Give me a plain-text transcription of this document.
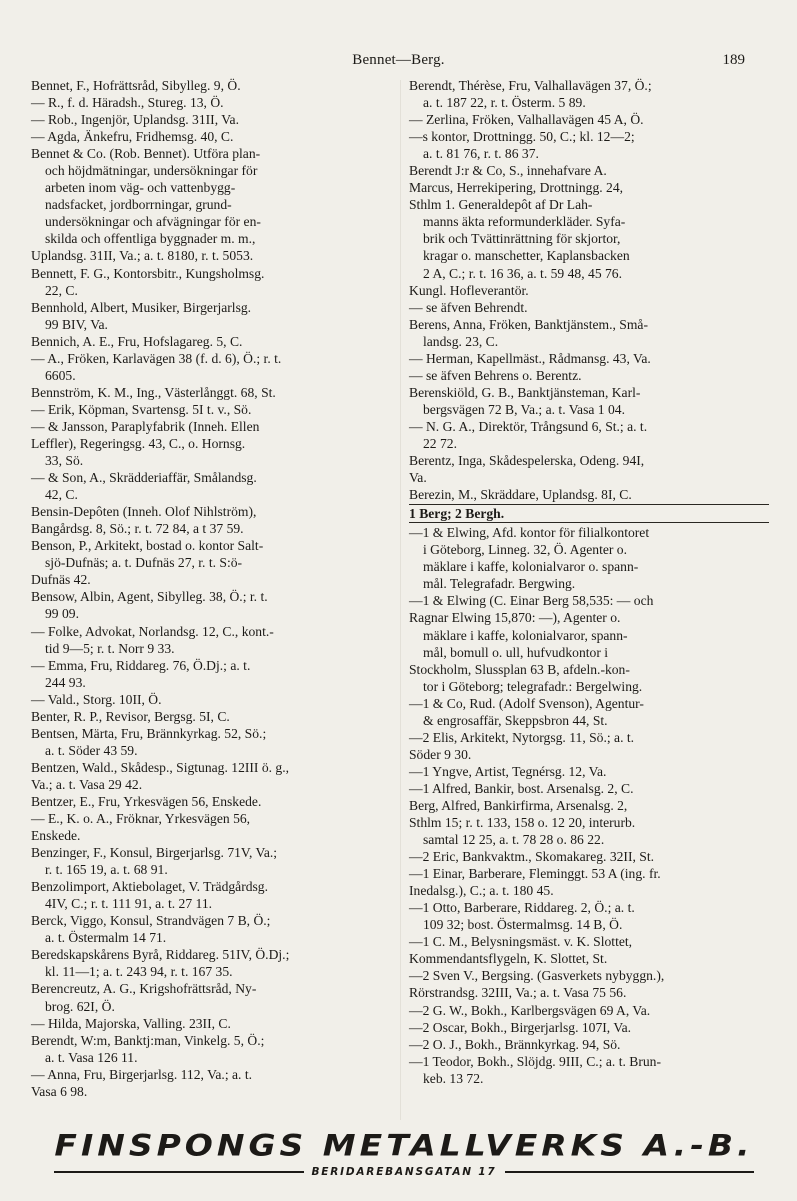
Bennet—Berg.	189
Bennet, F., Hofrättsråd, Sibylleg. 9, Ö.
— R., f. d. Häradsh., Stureg. 13, Ö.
— Rob., Ingenjör, Uplandsg. 31II, Va.
— Agda, Änkefru, Fridhemsg. 40, C.
Bennet & Co. (Rob. Bennet). Utföra plan-
och höjdmätningar, undersökningar för
arbeten inom väg- och vattenbygg-
nadsfacket, jordborrningar, grund-
undersökningar och afvägningar för en-
skilda och offentliga byggnader m. m.,
Uplandsg. 31II, Va.; a. t. 8180, r. t. 5053.
Bennett, F. G., Kontorsbitr., Kungsholmsg.
22, C.
Bennhold, Albert, Musiker, Birgerjarlsg.
99 BIV, Va.
Bennich, A. E., Fru, Hofslagareg. 5, C.
— A., Fröken, Karlavägen 38 (f. d. 6), Ö.; r. t.
6605.
Bennström, K. M., Ing., Västerlånggt. 68, St.
— Erik, Köpman, Svartensg. 5I t. v., Sö.
— & Jansson, Paraplyfabrik (Inneh. Ellen
Leffler), Regeringsg. 43, C., o. Hornsg.
33, Sö.
— & Son, A., Skrädderiaffär, Smålandsg.
42, C.
Bensin-Depôten (Inneh. Olof Nihlström),
Bangårdsg. 8, Sö.; r. t. 72 84, a t 37 59.
Benson, P., Arkitekt, bostad o. kontor Salt-
sjö-Dufnäs; a. t. Dufnäs 27, r. t. S:ö-
Dufnäs 42.
Bensow, Albin, Agent, Sibylleg. 38, Ö.; r. t.
99 09.
— Folke, Advokat, Norlandsg. 12, C., kont.-
tid 9—5; r. t. Norr 9 33.
— Emma, Fru, Riddareg. 76, Ö.Dj.; a. t.
244 93.
— Vald., Storg. 10II, Ö.
Benter, R. P., Revisor, Bergsg. 5I, C.
Bentsen, Märta, Fru, Brännkyrkag. 52, Sö.;
a. t. Söder 43 59.
Bentzen, Wald., Skådesp., Sigtunag. 12III ö. g.,
Va.; a. t. Vasa 29 42.
Bentzer, E., Fru, Yrkesvägen 56, Enskede.
— E., K. o. A., Fröknar, Yrkesvägen 56,
Enskede.
Benzinger, F., Konsul, Birgerjarlsg. 71V, Va.;
r. t. 165 19, a. t. 68 91.
Benzolimport, Aktiebolaget, V. Trädgårdsg.
4IV, C.; r. t. 111 91, a. t. 27 11.
Berck, Viggo, Konsul, Strandvägen 7 B, Ö.;
a. t. Östermalm 14 71.
Beredskapskårens Byrå, Riddareg. 51IV, Ö.Dj.;
kl. 11—1; a. t. 243 94, r. t. 167 35.
Berencreutz, A. G., Krigshofrättsråd, Ny-
brog. 62I, Ö.
— Hilda, Majorska, Valling. 23II, C.
Berendt, W:m, Banktj:man, Vinkelg. 5, Ö.;
a. t. Vasa 126 11.
— Anna, Fru, Birgerjarlsg. 112, Va.; a. t.
Vasa 6 98.
Berendt, Thérèse, Fru, Valhallavägen 37, Ö.;
a. t. 187 22, r. t. Österm. 5 89.
— Zerlina, Fröken, Valhallavägen 45 A, Ö.
—s kontor, Drottningg. 50, C.; kl. 12—2;
a. t. 81 76, r. t. 86 37.
Berendt J:r & Co, S., innehafvare A.
Marcus, Herrekipering, Drottningg. 24,
Sthlm 1. Generaldepôt af Dr Lah-
manns äkta reformunderkläder. Syfa-
brik och Tvättinrättning för skjortor,
kragar o. manschetter, Kaplansbacken
2 A, C.; r. t. 16 36, a. t. 59 48, 45 76.
Kungl. Hofleverantör.
— se äfven Behrendt.
Berens, Anna, Fröken, Banktjänstem., Små-
landsg. 23, C.
— Herman, Kapellmäst., Rådmansg. 43, Va.
— se äfven Behrens o. Berentz.
Berenskiöld, G. B., Banktjänsteman, Karl-
bergsvägen 72 B, Va.; a. t. Vasa 1 04.
— N. G. A., Direktör, Trångsund 6, St.; a. t.
22 72.
Berentz, Inga, Skådespelerska, Odeng. 94I,
Va.
Berezin, M., Skräddare, Uplandsg. 8I, C.
1 Berg; 2 Bergh.
—1 & Elwing, Afd. kontor för filialkontoret
i Göteborg, Linneg. 32, Ö. Agenter o.
mäklare i kaffe, kolonialvaror o. spann-
mål. Telegrafadr. Bergwing.
—1 & Elwing (C. Einar Berg 58,535: — och
Ragnar Elwing 15,870: —), Agenter o.
mäklare i kaffe, kolonialvaror, spann-
mål, bomull o. ull, hufvudkontor i
Stockholm, Slussplan 63 B, afdeln.-kon-
tor i Göteborg; telegrafadr.: Bergelwing.
—1 & Co, Rud. (Adolf Svenson), Agentur-
& engrosaffär, Skeppsbron 44, St.
—2 Elis, Arkitekt, Nytorgsg. 11, Sö.; a. t.
Söder 9 30.
—1 Yngve, Artist, Tegnérsg. 12, Va.
—1 Alfred, Bankir, bost. Arsenalsg. 2, C.
Berg, Alfred, Bankirfirma, Arsenalsg. 2,
Sthlm 15; r. t. 133, 158 o. 12 20, interurb.
samtal 12 25, a. t. 78 28 o. 86 22.
—2 Eric, Bankvaktm., Skomakareg. 32II, St.
—1 Einar, Barberare, Fleminggt. 53 A (ing. fr.
Inedalsg.), C.; a. t. 180 45.
—1 Otto, Barberare, Riddareg. 2, Ö.; a. t.
109 32; bost. Östermalmsg. 14 B, Ö.
—1 C. M., Belysningsmäst. v. K. Slottet,
Kommendantsflygeln, K. Slottet, St.
—2 Sven V., Bergsing. (Gasverkets nybyggn.),
Rörstrandsg. 32III, Va.; a. t. Vasa 75 56.
—2 G. W., Bokh., Karlbergsvägen 69 A, Va.
—2 Oscar, Bokh., Birgerjarlsg. 107I, Va.
—2 O. J., Bokh., Brännkyrkag. 94, Sö.
—1 Teodor, Bokh., Slöjdg. 9III, C.; a. t. Brun-
keb. 13 72.
FINSPONGS METALLVERKS A.-B.
BERIDAREBANSGATAN 17
